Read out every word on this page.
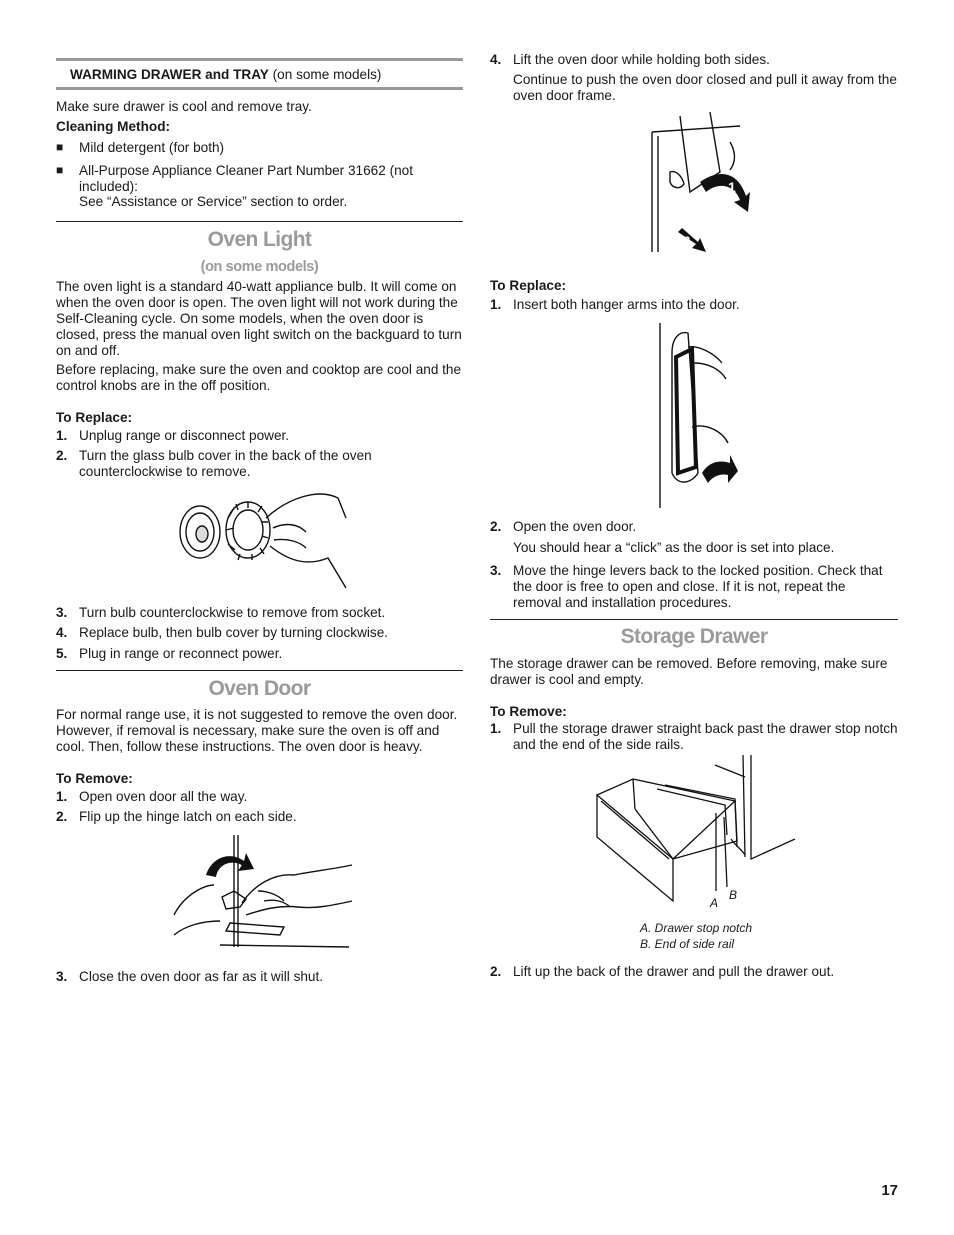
WARMING DRAWER and TRAY (on some models)

Make sure drawer is cool and remove tray.

Cleaning Method:

■ Mild detergent (for both)
■ All-Purpose Appliance Cleaner Part Number 31662 (not included):

See “Assistance or Service” section to order.

Oven Light
(on some models)

The oven light is a standard 40-watt appliance bulb. It will come on when the oven door is open. The oven light will not work during the Self-Cleaning cycle. On some models, when the oven door is closed, press the manual oven light switch on the backguard to turn on and off.

Before replacing, make sure the oven and cooktop are cool and the control knobs are in the off position.

To Replace:

1. Unplug range or disconnect power.
2. Turn the glass bulb cover in the back of the oven counterclockwise to remove.
3. Turn bulb counterclockwise to remove from socket.
4. Replace bulb, then bulb cover by turning clockwise.
5. Plug in range or reconnect power.
Oven Door

For normal range use, it is not suggested to remove the oven door. However, if removal is necessary, make sure the oven is off and cool. Then, follow these instructions. The oven door is heavy.

To Remove:

1. Open oven door all the way.
2. Flip up the hinge latch on each side.
3. Close the oven door as far as it will shut.
4. Lift the oven door while holding both sides.

Continue to push the oven door closed and pull it away from the oven door frame.

1
2

To Replace:

1. Insert both hanger arms into the door.
2. Open the oven door.

You should hear a “click” as the door is set into place.

3. Move the hinge levers back to the locked position. Check that the door is free to open and close. If it is not, repeat the removal and installation procedures.
Storage Drawer

The storage drawer can be removed. Before removing, make sure drawer is cool and empty.

To Remove:

1. Pull the storage drawer straight back past the drawer stop notch and the end of the side rails.
A
B

A. Drawer stop notch

B. End of side rail

2. Lift up the back of the drawer and pull the drawer out.
17
